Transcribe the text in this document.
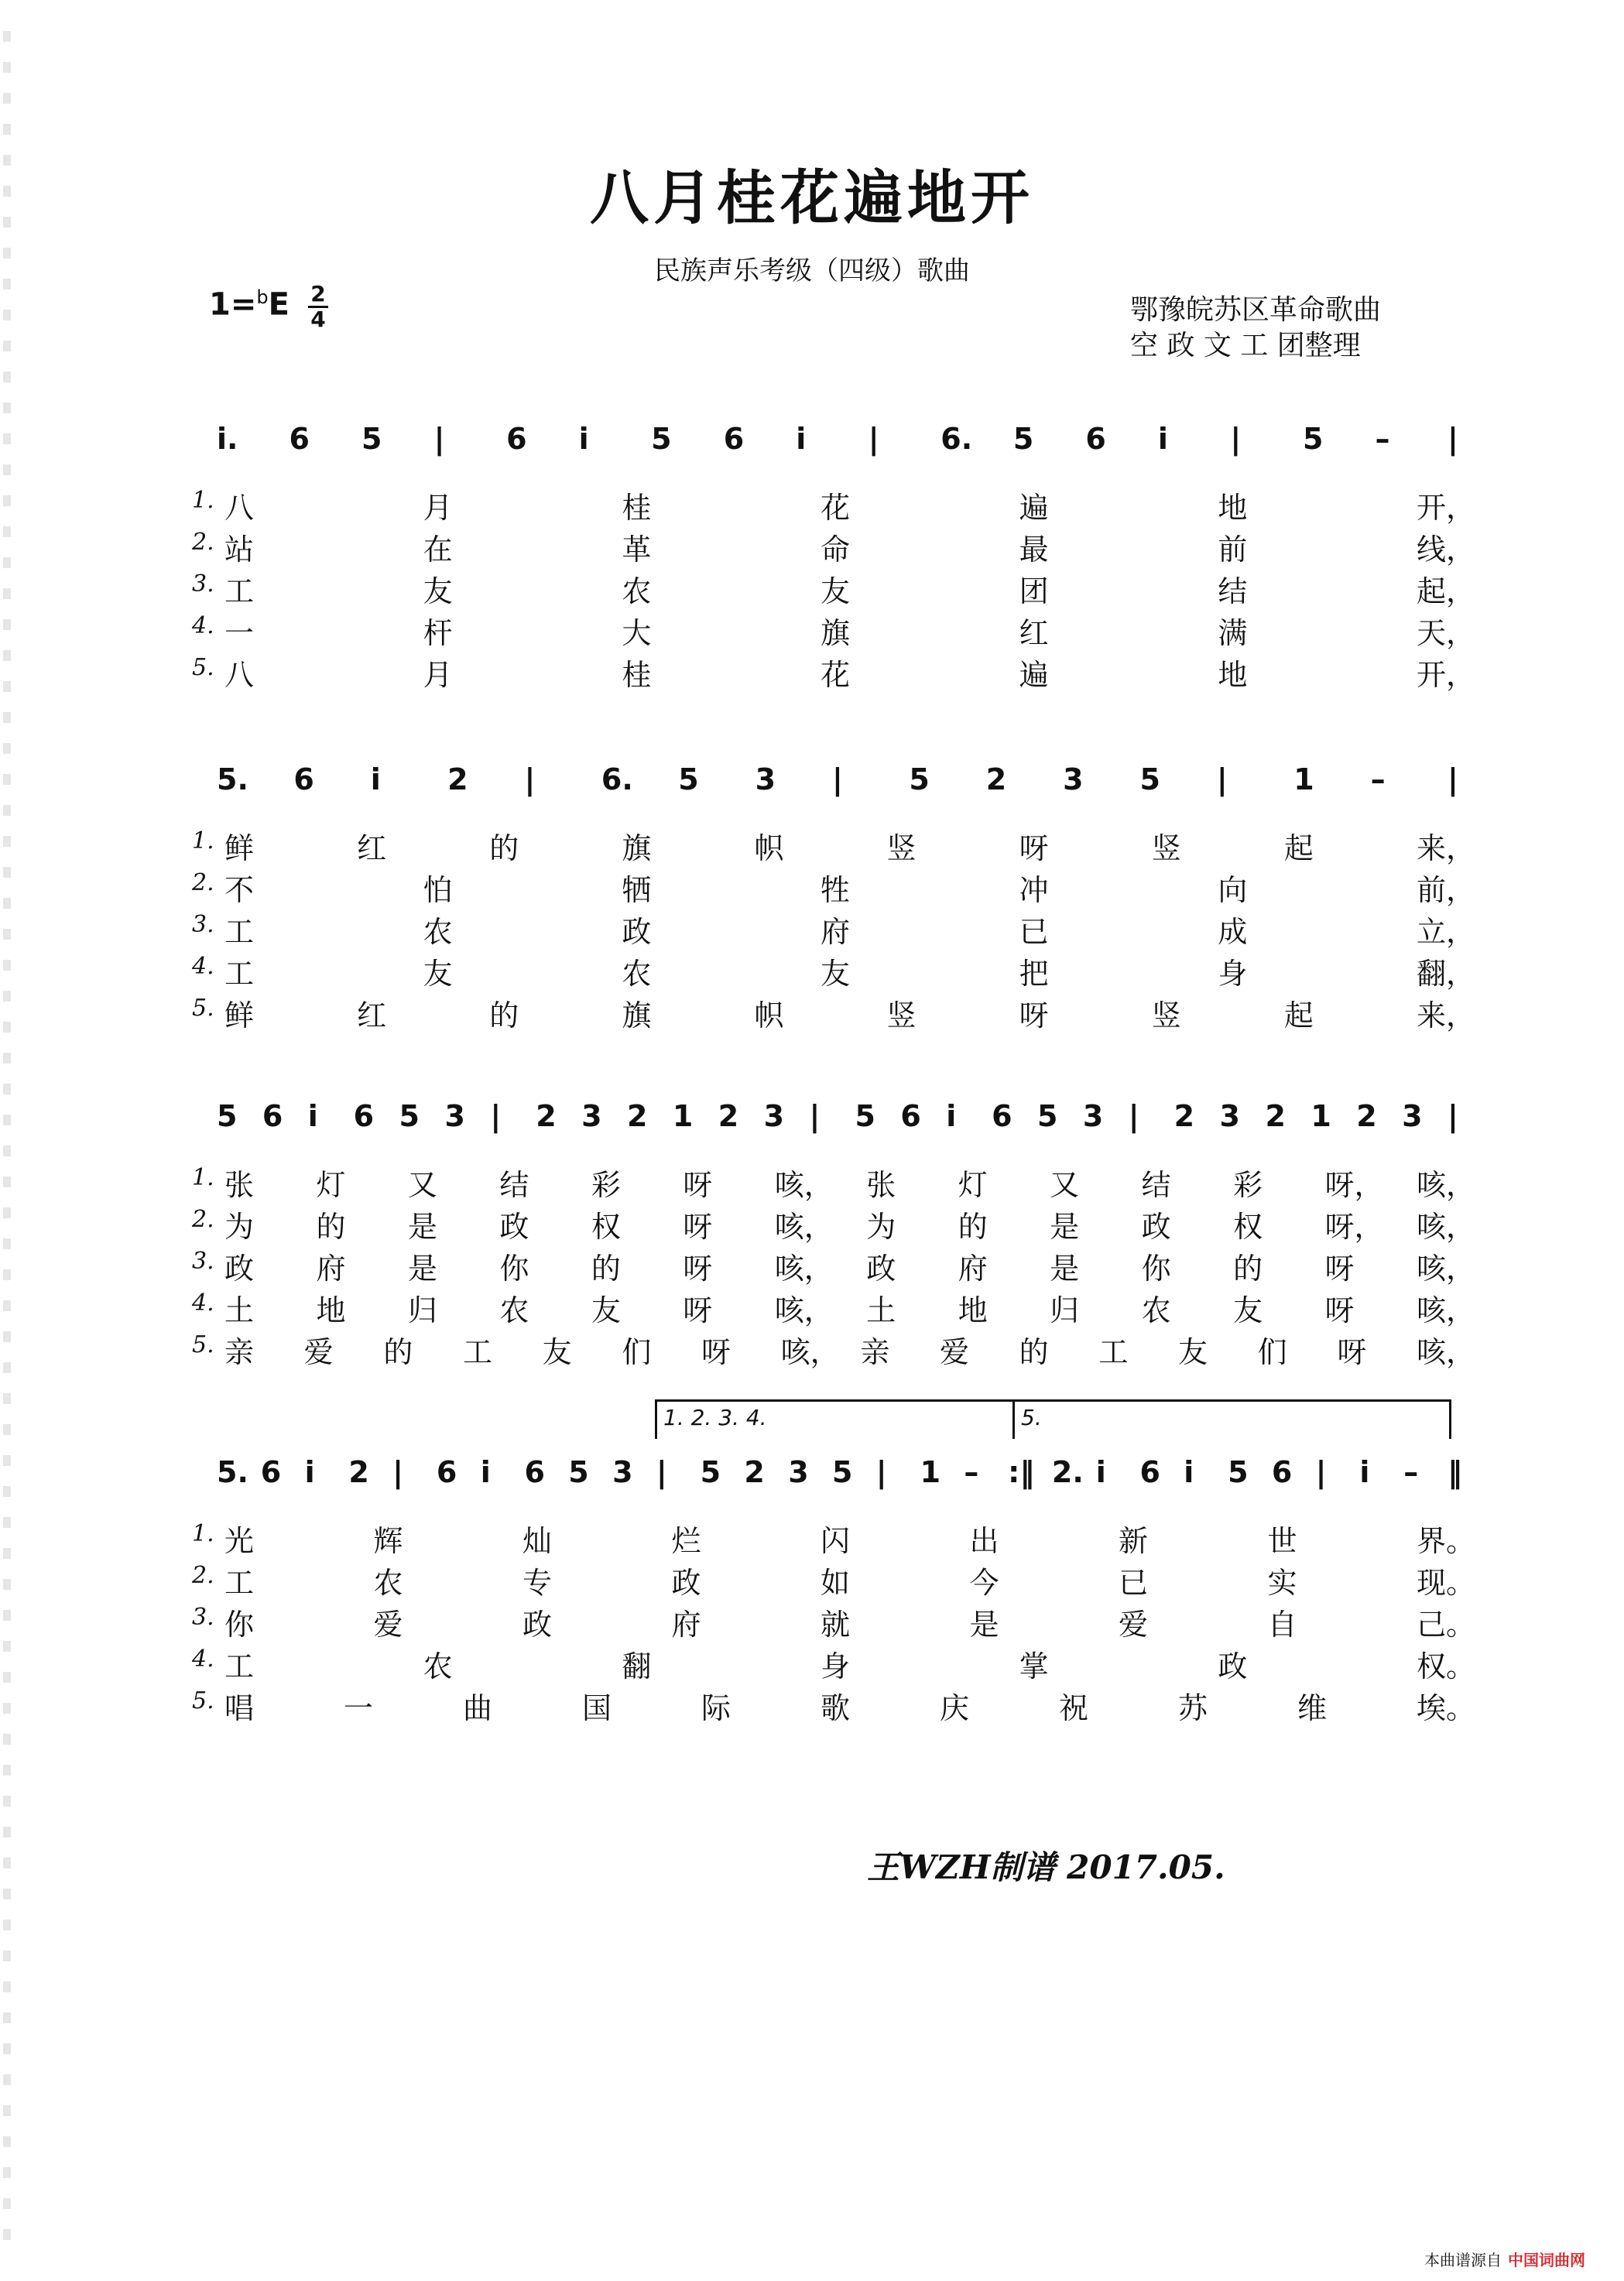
八月桂花遍地开
民族声乐考级（四级）歌曲
1=$^b$E 2
4	鄂豫皖苏区革命歌曲
空 政 文 工 团整理
i. 6 5 | 6 i 5 6 i | 6. 5 6 i | 5 – |
1. 八	月	桂	花	遍	地	开，
2. 站	在	革	命	最	前	线，
3. 工	友	农	友	团	结	起，
4. 一	杆	大	旗	红	满	天，
5. 八	月	桂	花	遍	地	开，
5. 6 i 2 | 6. 5 3 | 5 2 3 5 | 1 – |
1. 鲜	红	的	旗	帜	竖	呀	竖	起	来，
2. 不	怕	牺	牲	冲	向	前，
3. 工	农	政	府	已	成	立，
4. 工	友	农	友	把	身	翻，
5. 鲜	红	的	旗	帜	竖	呀	竖	起	来，
5 6 i 6 5 3 | 2 3 2 1 2 3 | 5 6 i 6 5 3 | 2 3 2 1 2 3 |
1. 张 灯 又 结 彩 呀 咳， 张 灯 又 结 彩 呀， 咳，
2. 为 的 是 政 权 呀 咳， 为 的 是 政 权 呀， 咳，
3. 政 府 是 你 的 呀 咳， 政 府 是 你 的 呀 咳，
4. 土 地 归 农 友 呀 咳， 土 地 归 农 友 呀 咳，
5. 亲 爱 的 工 友 们 呀 咳， 亲 爱 的 工 友 们 呀 咳，
5. 6 i 2 | 6 i 6 5 3 | 5 2 3 5 | 1 – :‖ 2. i 6 i 5 6 | i – ‖
1. 2. 3. 4.	5.
1. 光	辉	灿	烂	闪	出	新	世	界。
2. 工	农	专	政	如	今	已	实	现。
3. 你	爱	政	府	就	是	爱	自	己。
4. 工	农	翻	身	掌	政	权。
5. 唱	一	曲	国	际	歌	庆	祝	苏	维	埃。
王WZH制谱 2017.05.
本曲谱源自 中国词曲网
